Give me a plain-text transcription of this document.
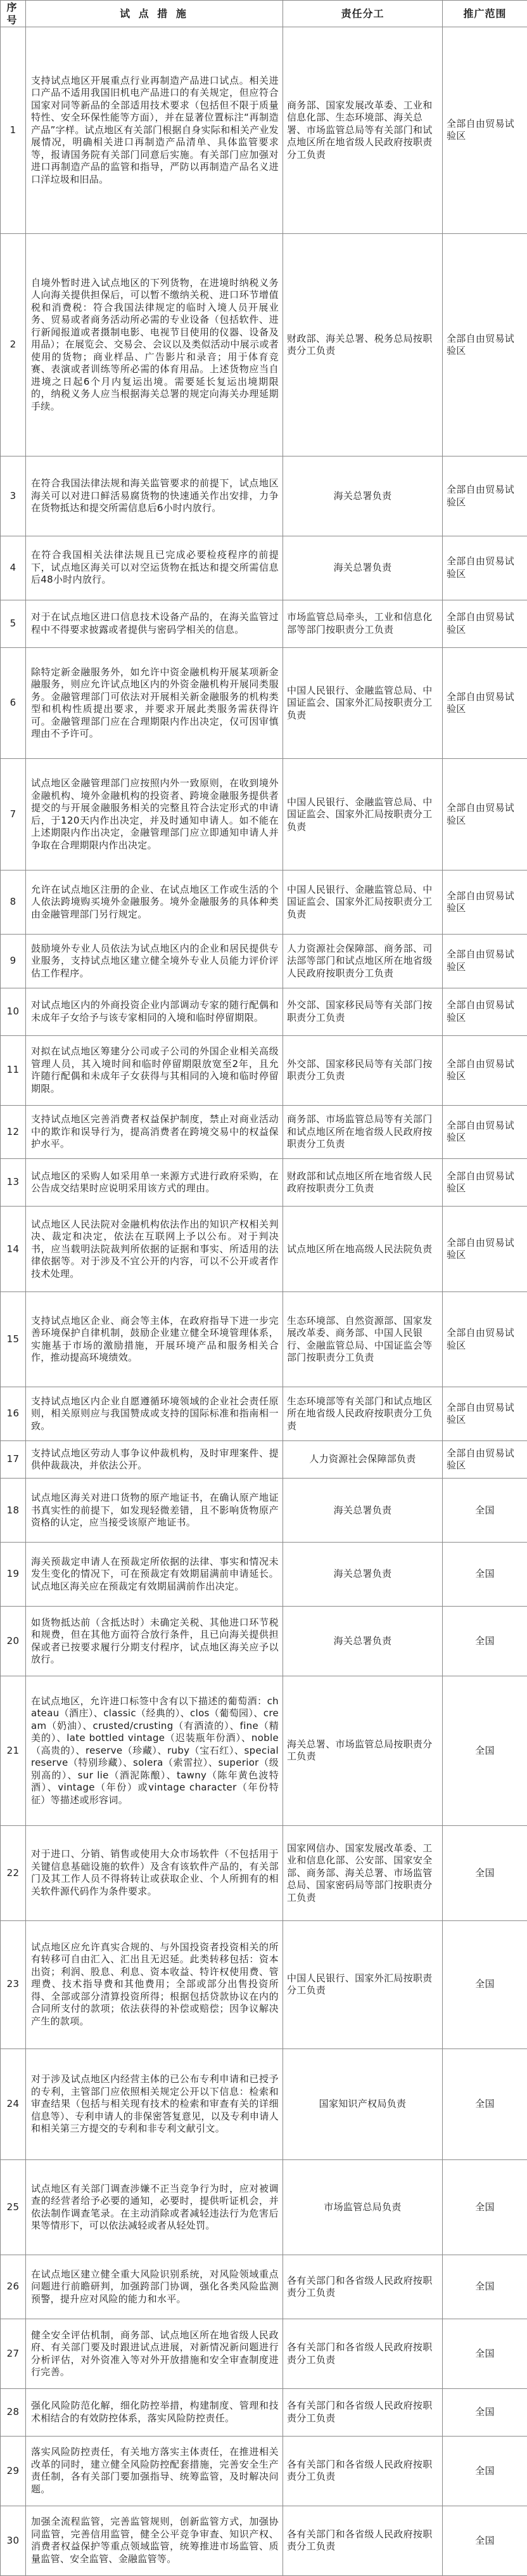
序号	试 点 措 施	责任分工	推广范围
1	支持试点地区开展重点行业再制造产品进口试点。相关进口产品不适用我国旧机电产品进口的有关规定，但应符合国家对同等新品的全部适用技术要求（包括但不限于质量特性、安全环保性能等方面），并在显著位置标注“再制造产品”字样。试点地区有关部门根据自身实际和相关产业发展情况，明确相关进口再制造产品清单、具体监管要求等，报请国务院有关部门同意后实施。有关部门应加强对进口再制造产品的监管和指导，严防以再制造产品名义进口洋垃圾和旧品。	商务部、国家发展改革委、工业和信息化部、生态环境部、海关总署、市场监管总局等有关部门和试点地区所在地省级人民政府按职责分工负责	全部自由贸易试验区
2	自境外暂时进入试点地区的下列货物，在进境时纳税义务人向海关提供担保后，可以暂不缴纳关税、进口环节增值税和消费税：符合我国法律规定的临时入境人员开展业务、贸易或者商务活动所必需的专业设备（包括软件、进行新闻报道或者摄制电影、电视节目使用的仪器、设备及用品）；在展览会、交易会、会议以及类似活动中展示或者使用的货物；商业样品、广告影片和录音；用于体育竞赛、表演或者训练等所必需的体育用品。上述货物应当自进境之日起6个月内复运出境。需要延长复运出境期限的，纳税义务人应当根据海关总署的规定向海关办理延期手续。	财政部、海关总署、税务总局按职责分工负责	全部自由贸易试验区
3	在符合我国法律法规和海关监管要求的前提下，试点地区海关可以对进口鲜活易腐货物的快速通关作出安排，力争在货物抵达和提交所需信息后6小时内放行。	海关总署负责	全部自由贸易试验区
4	在符合我国相关法律法规且已完成必要检疫程序的前提下，试点地区海关可以对空运货物在抵达和提交所需信息后48小时内放行。	海关总署负责	全部自由贸易试验区
5	对于在试点地区进口信息技术设备产品的，在海关监管过程中不得要求披露或者提供与密码学相关的信息。	市场监管总局牵头，工业和信息化部等部门按职责分工负责	全部自由贸易试验区
6	除特定新金融服务外，如允许中资金融机构开展某项新金融服务，则应允许试点地区内的外资金融机构开展同类服务。金融管理部门可依法对开展相关新金融服务的机构类型和机构性质提出要求，并要求开展此类服务需获得许可。金融管理部门应在合理期限内作出决定，仅可因审慎理由不予许可。	中国人民银行、金融监管总局、中国证监会、国家外汇局按职责分工负责	全部自由贸易试验区
7	试点地区金融管理部门应按照内外一致原则，在收到境外金融机构、境外金融机构的投资者、跨境金融服务提供者提交的与开展金融服务相关的完整且符合法定形式的申请后，于120天内作出决定，并及时通知申请人。如不能在上述期限内作出决定，金融管理部门应立即通知申请人并争取在合理期限内作出决定。	中国人民银行、金融监管总局、中国证监会、国家外汇局按职责分工负责	全部自由贸易试验区
8	允许在试点地区注册的企业、在试点地区工作或生活的个人依法跨境购买境外金融服务。境外金融服务的具体种类由金融管理部门另行规定。	中国人民银行、金融监管总局、中国证监会、国家外汇局按职责分工负责	全部自由贸易试验区
9	鼓励境外专业人员依法为试点地区内的企业和居民提供专业服务，支持试点地区建立健全境外专业人员能力评价评估工作程序。	人力资源社会保障部、商务部、司法部等部门和试点地区所在地省级人民政府按职责分工负责	全部自由贸易试验区
10	对试点地区内的外商投资企业内部调动专家的随行配偶和未成年子女给予与该专家相同的入境和临时停留期限。	外交部、国家移民局等有关部门按职责分工负责	全部自由贸易试验区
11	对拟在试点地区筹建分公司或子公司的外国企业相关高级管理人员，其入境时间和临时停留期限放宽至2年，且允许随行配偶和未成年子女获得与其相同的入境和临时停留期限。	外交部、国家移民局等有关部门按职责分工负责	全部自由贸易试验区
12	支持试点地区完善消费者权益保护制度，禁止对商业活动中的欺诈和误导行为，提高消费者在跨境交易中的权益保护水平。	商务部、市场监管总局等有关部门和试点地区所在地省级人民政府按职责分工负责	全部自由贸易试验区
13	试点地区的采购人如采用单一来源方式进行政府采购，在公告成交结果时应说明采用该方式的理由。	财政部和试点地区所在地省级人民政府按职责分工负责	全部自由贸易试验区
14	试点地区人民法院对金融机构依法作出的知识产权相关判决、裁定和决定，依法在互联网上予以公布。对于判决书，应当载明法院裁判所依据的证据和事实、所适用的法律依据等。对于涉及不宜公开的内容，可以不公开或者作技术处理。	试点地区所在地高级人民法院负责	全部自由贸易试验区
15	支持试点地区企业、商会等主体，在政府指导下进一步完善环境保护自律机制，鼓励企业建立健全环境管理体系，实施基于市场的激励措施，开展环境产品和服务相关合作，推动提高环境绩效。	生态环境部、自然资源部、国家发展改革委、商务部、中国人民银行、金融监管总局、中国证监会等部门按职责分工负责	全部自由贸易试验区
16	支持试点地区内企业自愿遵循环境领域的企业社会责任原则，相关原则应与我国赞成或支持的国际标准和指南相一致。	生态环境部等有关部门和试点地区所在地省级人民政府按职责分工负责	全部自由贸易试验区
17	支持试点地区劳动人事争议仲裁机构，及时审理案件、提供仲裁裁决，并依法公开。	人力资源社会保障部负责	全部自由贸易试验区
18	试点地区海关对进口货物的原产地证书，在确认原产地证书真实性的前提下，如发现轻微差错，且不影响货物原产资格的认定，应当接受该原产地证书。	海关总署负责	全国
19	海关预裁定申请人在预裁定所依据的法律、事实和情况未发生变化的情况下，可在预裁定有效期届满前申请延长。试点地区海关应在预裁定有效期届满前作出决定。	海关总署负责	全国
20	如货物抵达前（含抵达时）未确定关税、其他进口环节税和规费，但在其他方面符合放行条件，且已向海关提供担保或者已按要求履行分期支付程序，试点地区海关应予以放行。	海关总署负责	全国
21	在试点地区，允许进口标签中含有以下描述的葡萄酒：chateau（酒庄）、classic（经典的）、clos（葡萄园）、cream（奶油）、crusted/crusting（有酒渣的）、fine（精美的）、late bottled vintage（迟装瓶年份酒）、noble（高贵的）、reserve（珍藏）、ruby（宝石红）、special reserve（特别珍藏）、solera（索雷拉）、superior（级别高的）、sur lie（酒泥陈酿）、tawny（陈年黄色波特酒）、vintage（年份）或vintage character（年份特征）等描述或形容词。	海关总署、市场监管总局按职责分工负责	全国
22	对于进口、分销、销售或使用大众市场软件（不包括用于关键信息基础设施的软件）及含有该软件产品的，有关部门及其工作人员不得将转让或获取企业、个人所拥有的相关软件源代码作为条件要求。	国家网信办、国家发展改革委、工业和信息化部、公安部、国家安全部、商务部、海关总署、市场监管总局、国家密码局等部门按职责分工负责	全国
23	试点地区应允许真实合规的、与外国投资者投资相关的所有转移可自由汇入、汇出且无迟延。此类转移包括：资本出资；利润、股息、利息、资本收益、特许权使用费、管理费、技术指导费和其他费用；全部或部分出售投资所得、全部或部分清算投资所得；根据包括贷款协议在内的合同所支付的款项；依法获得的补偿或赔偿；因争议解决产生的款项。	中国人民银行、国家外汇局按职责分工负责	全国
24	对于涉及试点地区内经营主体的已公布专利申请和已授予的专利，主管部门应依照相关规定公开以下信息：检索和审查结果（包括与相关现有技术的检索和审查有关的详细信息等）、专利申请人的非保密答复意见，以及专利申请人和相关第三方提交的专利和非专利文献引文。	国家知识产权局负责	全国
25	试点地区有关部门调查涉嫌不正当竞争行为时，应对被调查的经营者给予必要的通知，必要时，提供听证机会，并依法制作调查笔录。在主动消除或者减轻违法行为危害后果等情形下，可以依法减轻或者从轻处罚。	市场监管总局负责	全国
26	在试点地区建立健全重大风险识别系统，对风险领域重点问题进行前瞻研判，加强跨部门协调，强化各类风险监测预警，提升应对风险的能力和水平。	各有关部门和各省级人民政府按职责分工负责	全国
27	健全安全评估机制，商务部、试点地区所在地省级人民政府、有关部门要及时跟进试点进展，对新情况新问题进行分析评估，对外资准入等对外开放措施和安全审查制度进行完善。	各有关部门和各省级人民政府按职责分工负责	全国
28	强化风险防范化解，细化防控举措，构建制度、管理和技术相结合的有效防控体系，落实风险防控责任。	各有关部门和各省级人民政府按职责分工负责	全国
29	落实风险防控责任，有关地方落实主体责任，在推进相关改革的同时，建立健全风险防控配套措施，完善安全生产责任制，各有关部门要加强指导、统筹监管，及时解决问题。	各有关部门和各省级人民政府按职责分工负责	全国
30	加强全流程监管，完善监管规则，创新监管方式，加强协同监管，完善信用监管，健全公平竞争审查、知识产权、消费者权益保护等重点领域监管，统筹推进市场监管、质量监管、安全监管、金融监管等。	各有关部门和各省级人民政府按职责分工负责	全国
